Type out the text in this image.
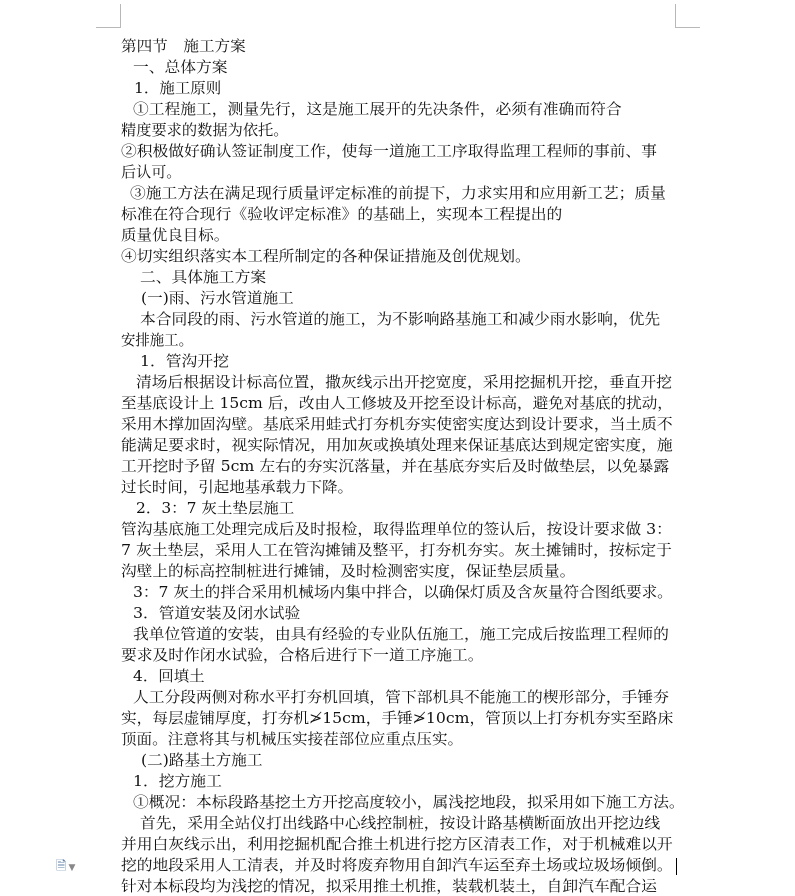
第四节　施工方案
一、总体方案
1．施工原则
①工程施工，测量先行，这是施工展开的先决条件，必须有准确而符合
精度要求的数据为依托。
②积极做好确认签证制度工作，使每一道施工工序取得监理工程师的事前、事
后认可。
③施工方法在满足现行质量评定标准的前提下，力求实用和应用新工艺；质量
标准在符合现行《验收评定标准》的基础上，实现本工程提出的
质量优良目标。
④切实组织落实本工程所制定的各种保证措施及创优规划。
二、具体施工方案
(一)雨、污水管道施工
本合同段的雨、污水管道的施工，为不影响路基施工和减少雨水影响，优先
安排施工。
1．管沟开挖
清场后根据设计标高位置，撒灰线示出开挖宽度，采用挖掘机开挖，垂直开挖
至基底设计上 15cm 后，改由人工修坡及开挖至设计标高，避免对基底的扰动，
采用木撑加固沟壁。基底采用蛙式打夯机夯实使密实度达到设计要求，当土质不
能满足要求时，视实际情况，用加灰或换填处理来保证基底达到规定密实度，施
工开挖时予留 5cm 左右的夯实沉落量，并在基底夯实后及时做垫层，以免暴露
过长时间，引起地基承载力下降。
2．3：7 灰土垫层施工
管沟基底施工处理完成后及时报检，取得监理单位的签认后，按设计要求做 3：
7 灰土垫层，采用人工在管沟摊铺及整平，打夯机夯实。灰土摊铺时，按标定于
沟壁上的标高控制桩进行摊铺，及时检测密实度，保证垫层质量。
3：7 灰土的拌合采用机械场内集中拌合，以确保灯质及含灰量符合图纸要求。
3．管道安装及闭水试验
我单位管道的安装，由具有经验的专业队伍施工，施工完成后按监理工程师的
要求及时作闭水试验，合格后进行下一道工序施工。
4．回填土
人工分段两侧对称水平打夯机回填，管下部机具不能施工的楔形部分，手锤夯
实，每层虚铺厚度，打夯机≯15cm，手锤≯10cm，管顶以上打夯机夯实至路床
顶面。注意将其与机械压实接茬部位应重点压实。
(二)路基土方施工
1．挖方施工
①概况：本标段路基挖土方开挖高度较小，属浅挖地段，拟采用如下施工方法。
首先，采用全站仪打出线路中心线控制桩，按设计路基横断面放出开挖边线
并用白灰线示出，利用挖掘机配合推土机进行挖方区清表工作，对于机械难以开
挖的地段采用人工清表，并及时将废弃物用自卸汽车运至弃土场或垃圾场倾倒。
针对本标段均为浅挖的情况，拟采用推土机推，装载机装土，自卸汽车配合运
🗎 ▼
